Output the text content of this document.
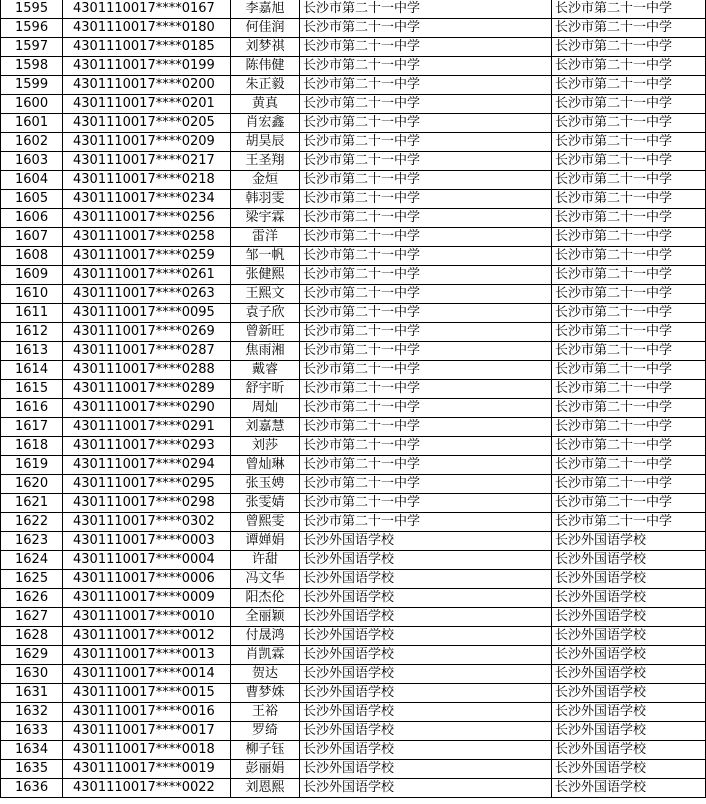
1595	4301110017****0167	李嘉旭	长沙市第二十一中学	长沙市第二十一中学
1596	4301110017****0180	何佳润	长沙市第二十一中学	长沙市第二十一中学
1597	4301110017****0185	刘梦祺	长沙市第二十一中学	长沙市第二十一中学
1598	4301110017****0199	陈伟健	长沙市第二十一中学	长沙市第二十一中学
1599	4301110017****0200	朱正毅	长沙市第二十一中学	长沙市第二十一中学
1600	4301110017****0201	黄真	长沙市第二十一中学	长沙市第二十一中学
1601	4301110017****0205	肖宏鑫	长沙市第二十一中学	长沙市第二十一中学
1602	4301110017****0209	胡昊辰	长沙市第二十一中学	长沙市第二十一中学
1603	4301110017****0217	王圣翔	长沙市第二十一中学	长沙市第二十一中学
1604	4301110017****0218	金烜	长沙市第二十一中学	长沙市第二十一中学
1605	4301110017****0234	韩羽雯	长沙市第二十一中学	长沙市第二十一中学
1606	4301110017****0256	梁宇霖	长沙市第二十一中学	长沙市第二十一中学
1607	4301110017****0258	雷洋	长沙市第二十一中学	长沙市第二十一中学
1608	4301110017****0259	邹一帆	长沙市第二十一中学	长沙市第二十一中学
1609	4301110017****0261	张健熙	长沙市第二十一中学	长沙市第二十一中学
1610	4301110017****0263	王熙文	长沙市第二十一中学	长沙市第二十一中学
1611	4301110017****0095	袁子欣	长沙市第二十一中学	长沙市第二十一中学
1612	4301110017****0269	曾新旺	长沙市第二十一中学	长沙市第二十一中学
1613	4301110017****0287	焦雨湘	长沙市第二十一中学	长沙市第二十一中学
1614	4301110017****0288	戴睿	长沙市第二十一中学	长沙市第二十一中学
1615	4301110017****0289	舒宇昕	长沙市第二十一中学	长沙市第二十一中学
1616	4301110017****0290	周灿	长沙市第二十一中学	长沙市第二十一中学
1617	4301110017****0291	刘嘉慧	长沙市第二十一中学	长沙市第二十一中学
1618	4301110017****0293	刘莎	长沙市第二十一中学	长沙市第二十一中学
1619	4301110017****0294	曾灿琳	长沙市第二十一中学	长沙市第二十一中学
1620	4301110017****0295	张玉娉	长沙市第二十一中学	长沙市第二十一中学
1621	4301110017****0298	张雯婧	长沙市第二十一中学	长沙市第二十一中学
1622	4301110017****0302	曾熙雯	长沙市第二十一中学	长沙市第二十一中学
1623	4301110017****0003	谭婵娟	长沙外国语学校	长沙外国语学校
1624	4301110017****0004	许甜	长沙外国语学校	长沙外国语学校
1625	4301110017****0006	冯文华	长沙外国语学校	长沙外国语学校
1626	4301110017****0009	阳杰伦	长沙外国语学校	长沙外国语学校
1627	4301110017****0010	全丽颖	长沙外国语学校	长沙外国语学校
1628	4301110017****0012	付晟鸿	长沙外国语学校	长沙外国语学校
1629	4301110017****0013	肖凯霖	长沙外国语学校	长沙外国语学校
1630	4301110017****0014	贺达	长沙外国语学校	长沙外国语学校
1631	4301110017****0015	曹梦姝	长沙外国语学校	长沙外国语学校
1632	4301110017****0016	王裕	长沙外国语学校	长沙外国语学校
1633	4301110017****0017	罗绮	长沙外国语学校	长沙外国语学校
1634	4301110017****0018	柳子钰	长沙外国语学校	长沙外国语学校
1635	4301110017****0019	彭丽娟	长沙外国语学校	长沙外国语学校
1636	4301110017****0022	刘恩熙	长沙外国语学校	长沙外国语学校
